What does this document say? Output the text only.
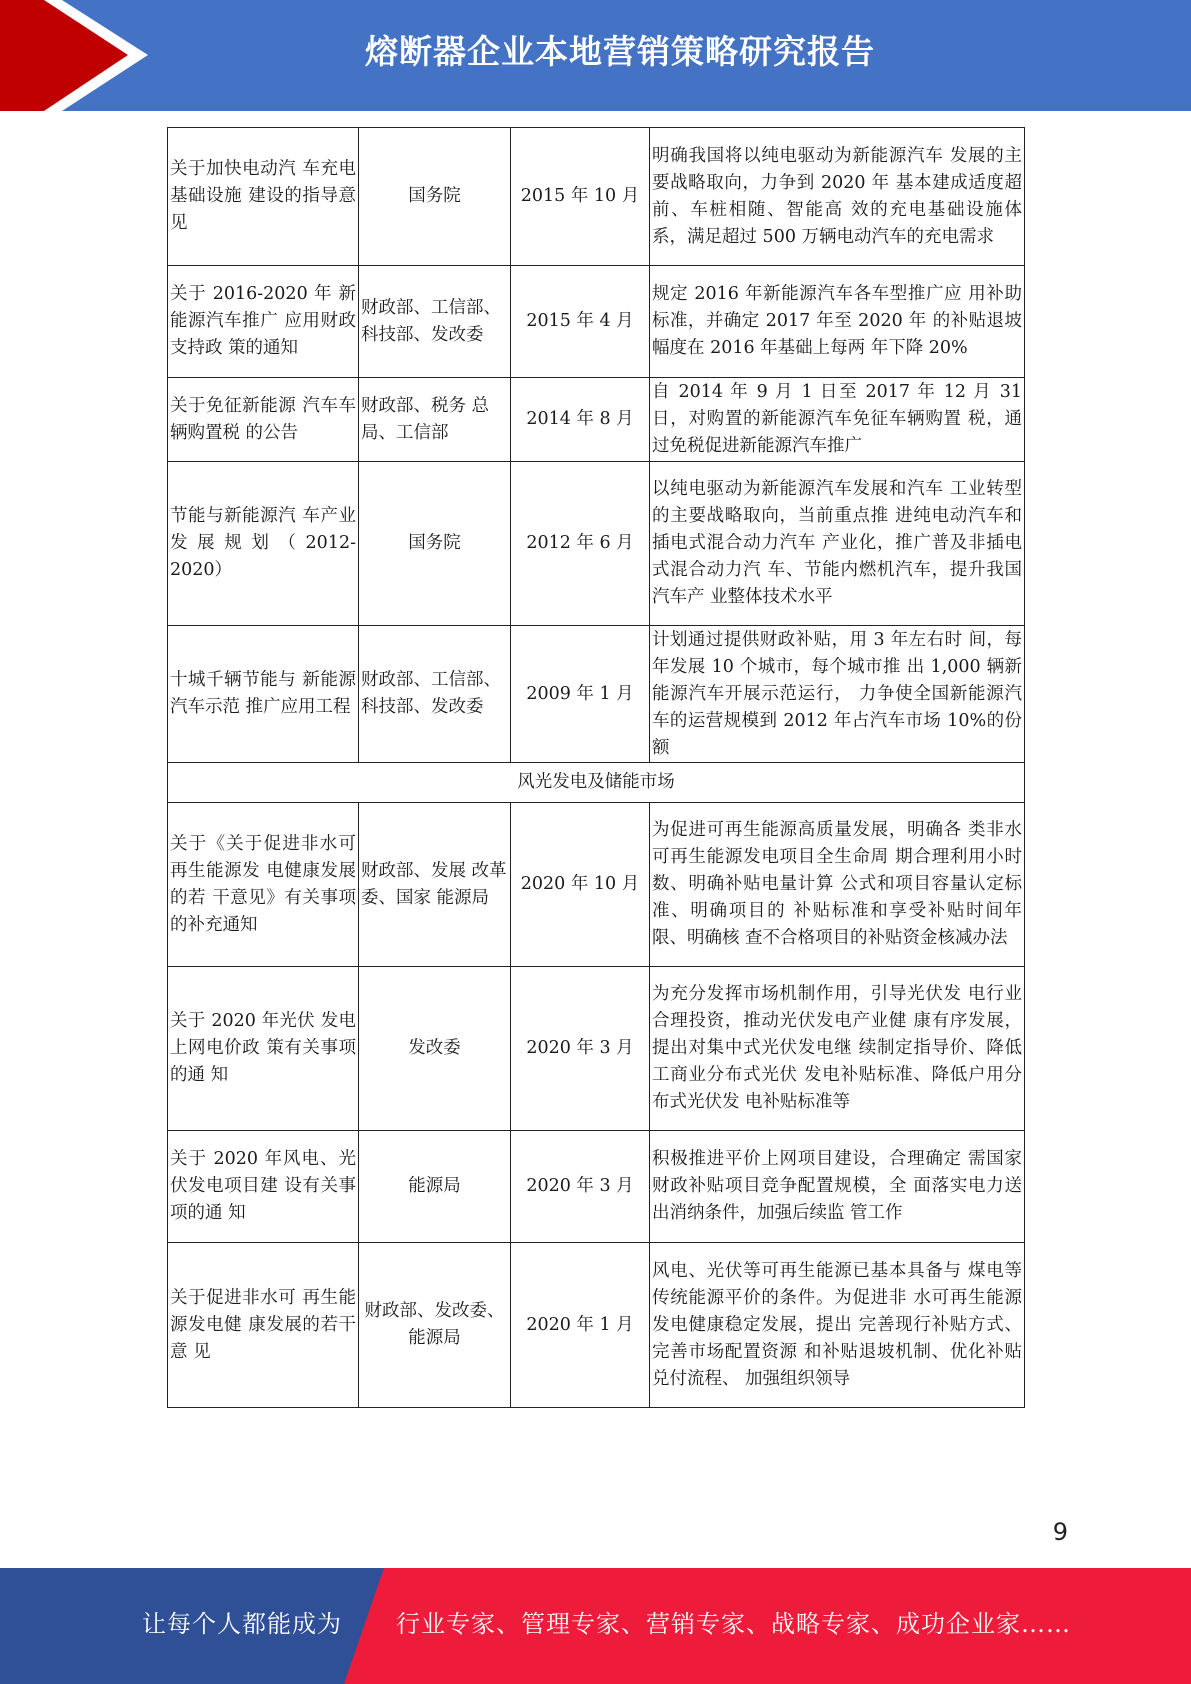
熔断器企业本地营销策略研究报告
关于加快电动汽 车充电基础设施 建设的指导意见	国务院	2015 年 10 月	明确我国将以纯电驱动为新能源汽车 发展的主要战略取向，力争到 2020 年 基本建成适度超前、车桩相随、智能高 效的充电基础设施体系，满足超过 500 万辆电动汽车的充电需求
关于 2016-2020 年 新能源汽车推广 应用财政支持政 策的通知	财政部、工信部、科技部、发改委	2015 年 4 月	规定 2016 年新能源汽车各车型推广应 用补助标准，并确定 2017 年至 2020 年 的补贴退坡幅度在 2016 年基础上每两 年下降 20%
关于免征新能源 汽车车辆购置税 的公告	财政部、税务 总局、工信部	2014 年 8 月	自 2014 年 9 月 1 日至 2017 年 12 月 31 日，对购置的新能源汽车免征车辆购置 税，通过免税促进新能源汽车推广
节能与新能源汽 车产业发展规划（2012-2020）	国务院	2012 年 6 月	以纯电驱动为新能源汽车发展和汽车 工业转型的主要战略取向，当前重点推 进纯电动汽车和插电式混合动力汽车 产业化，推广普及非插电式混合动力汽 车、节能内燃机汽车，提升我国汽车产 业整体技术水平
十城千辆节能与 新能源汽车示范 推广应用工程	财政部、工信部、科技部、发改委	2009 年 1 月	计划通过提供财政补贴，用 3 年左右时 间，每年发展 10 个城市，每个城市推 出 1,000 辆新能源汽车开展示范运行， 力争使全国新能源汽车的运营规模到 2012 年占汽车市场 10%的份额
风光发电及储能市场			
关于《关于促进非水可再生能源发 电健康发展的若 干意见》有关事项 的补充通知	财政部、发展 改革委、国家 能源局	2020 年 10 月	为促进可再生能源高质量发展，明确各 类非水可再生能源发电项目全生命周 期合理利用小时数、明确补贴电量计算 公式和项目容量认定标准、明确项目的 补贴标准和享受补贴时间年限、明确核 查不合格项目的补贴资金核减办法
关于 2020 年光伏 发电上网电价政 策有关事项的通 知	发改委	2020 年 3 月	为充分发挥市场机制作用，引导光伏发 电行业合理投资，推动光伏发电产业健 康有序发展，提出对集中式光伏发电继 续制定指导价、降低工商业分布式光伏 发电补贴标准、降低户用分布式光伏发 电补贴标准等
关于 2020 年风电、光伏发电项目建 设有关事项的通 知	能源局	2020 年 3 月	积极推进平价上网项目建设，合理确定 需国家财政补贴项目竞争配置规模，全 面落实电力送出消纳条件，加强后续监 管工作
关于促进非水可 再生能源发电健 康发展的若干意 见	财政部、发改委、能源局	2020 年 1 月	风电、光伏等可再生能源已基本具备与 煤电等传统能源平价的条件。为促进非 水可再生能源发电健康稳定发展，提出 完善现行补贴方式、完善市场配置资源 和补贴退坡机制、优化补贴兑付流程、 加强组织领导
9
让每个人都能成为 行业专家、管理专家、营销专家、战略专家、成功企业家……
